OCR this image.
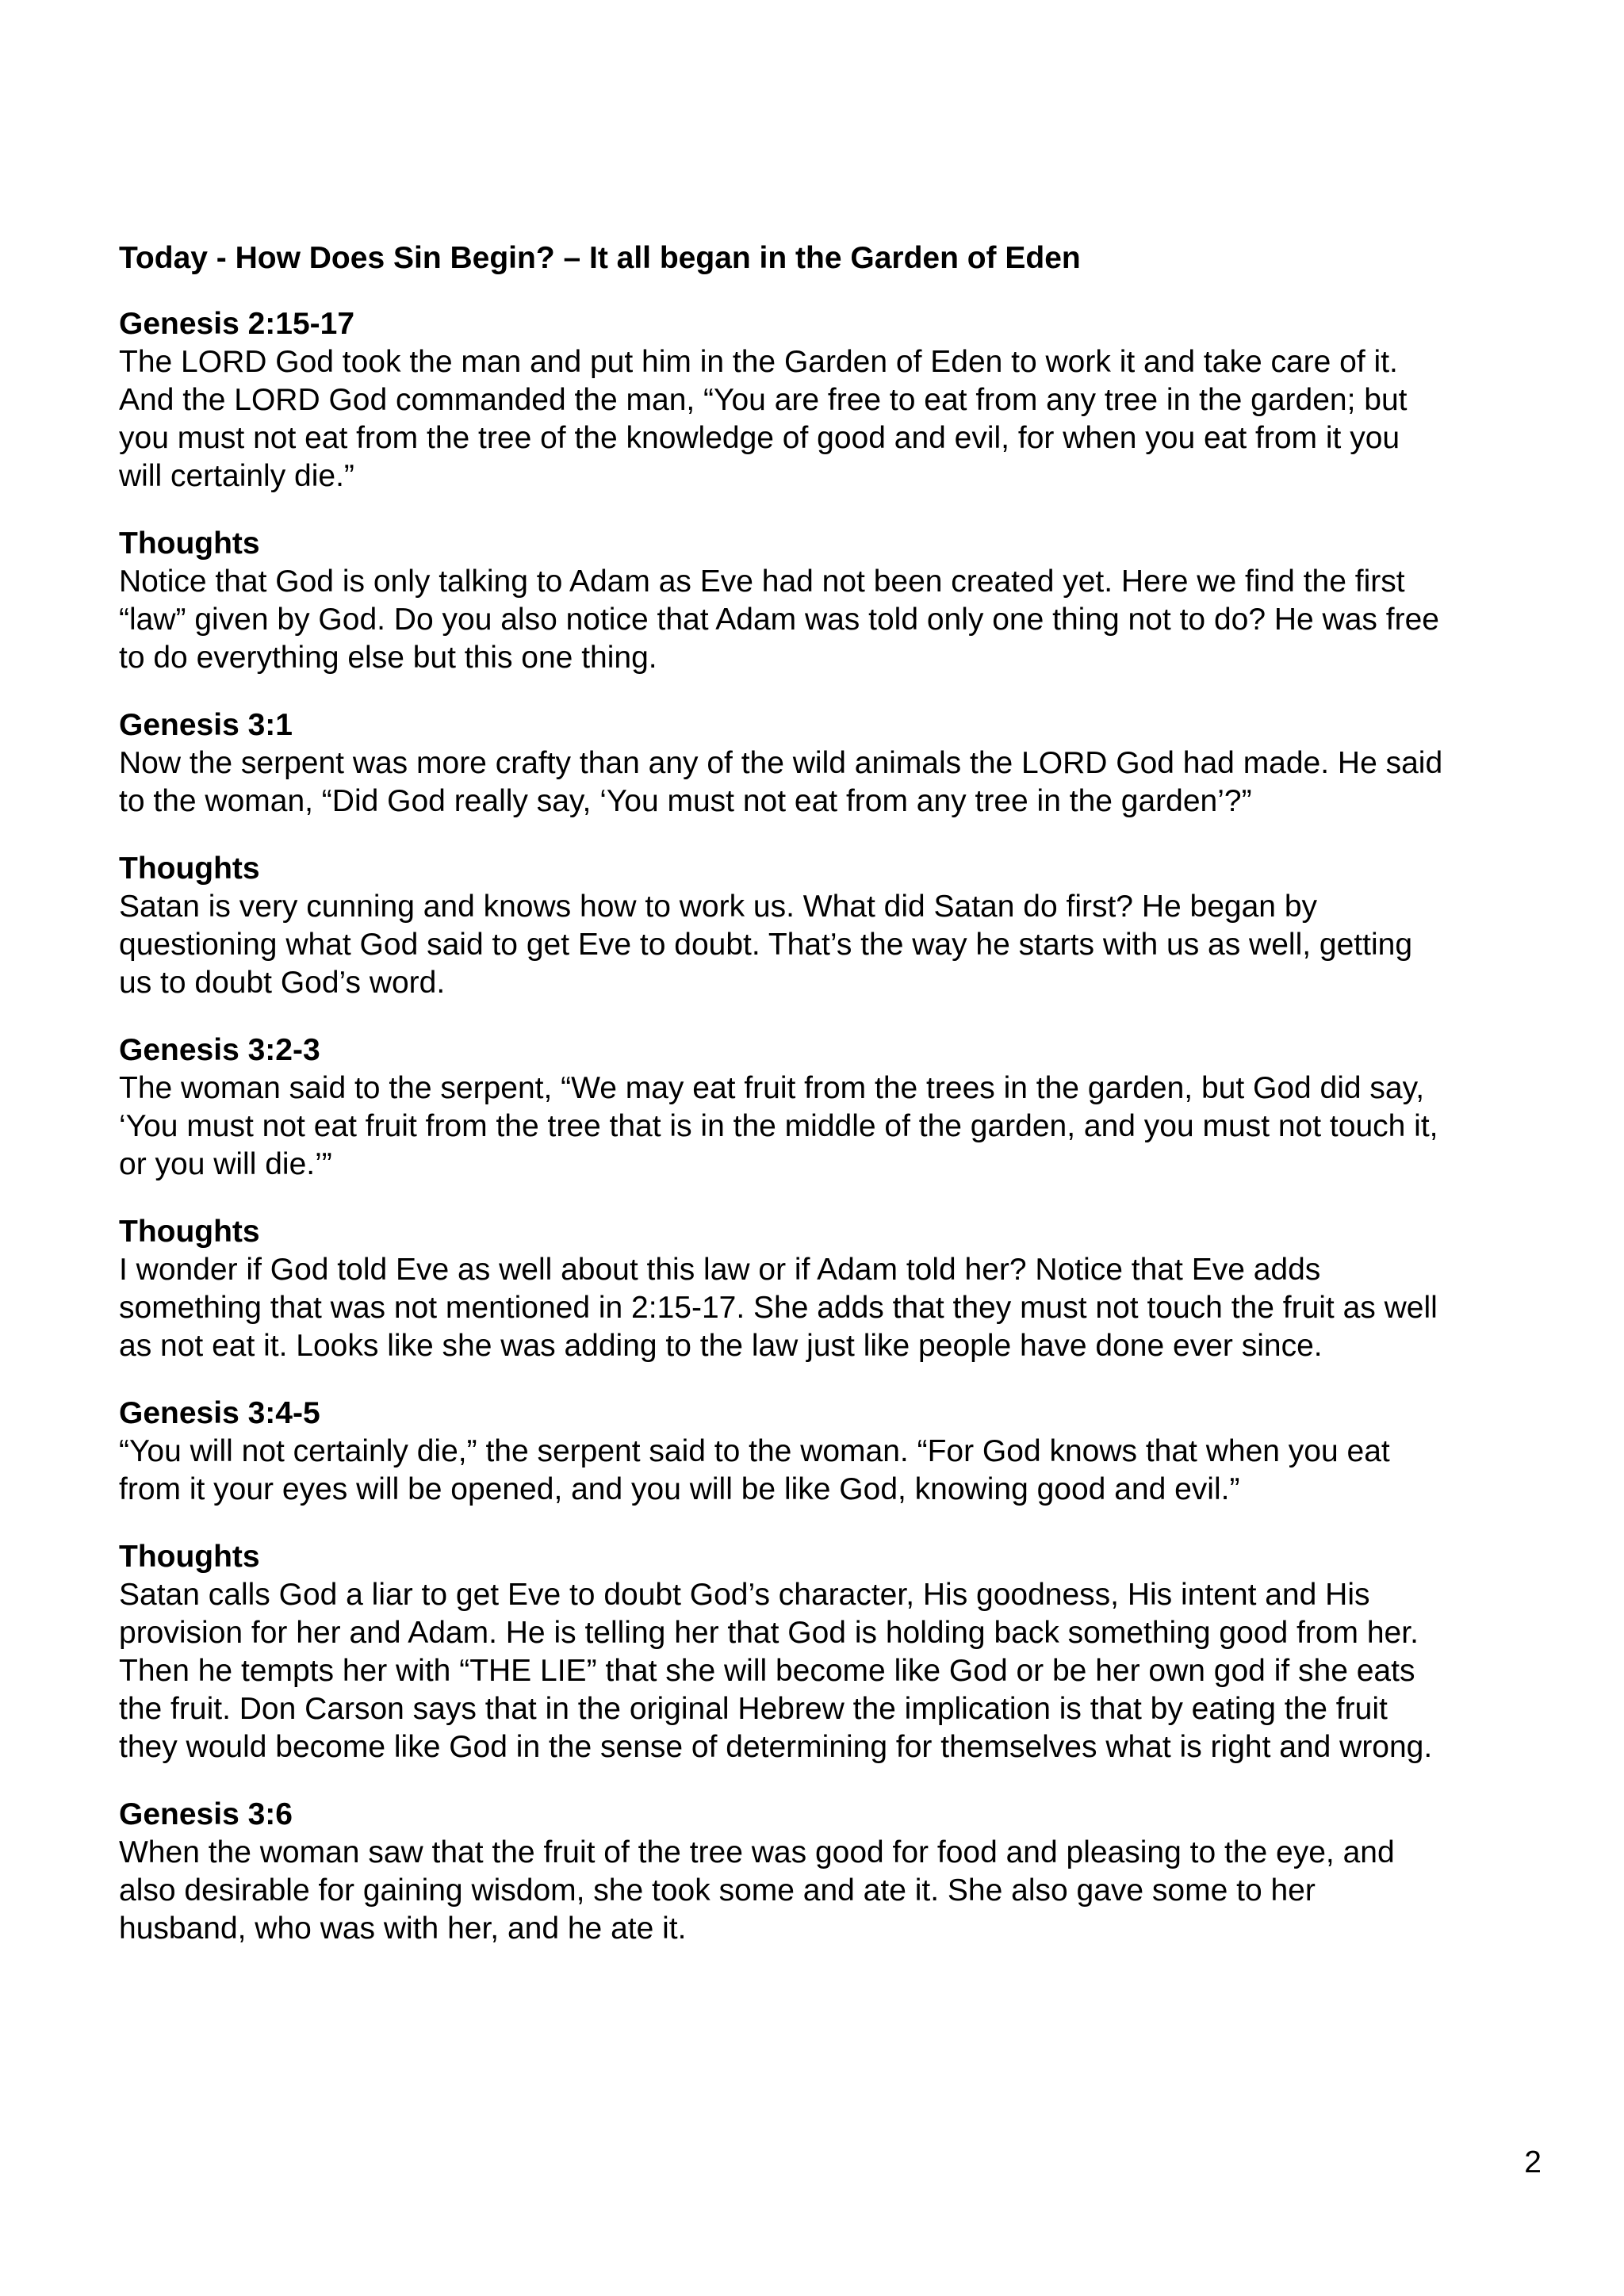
Today - How Does Sin Begin? – It all began in the Garden of Eden
Genesis 2:15-17
The LORD God took the man and put him in the Garden of Eden to work it and take care of it.
And the LORD God commanded the man, “You are free to eat from any tree in the garden; but
you must not eat from the tree of the knowledge of good and evil, for when you eat from it you
will certainly die.”
Thoughts
Notice that God is only talking to Adam as Eve had not been created yet. Here we find the first
“law” given by God. Do you also notice that Adam was told only one thing not to do? He was free
to do everything else but this one thing.
Genesis 3:1
Now the serpent was more crafty than any of the wild animals the LORD God had made. He said
to the woman, “Did God really say, ‘You must not eat from any tree in the garden’?”
Thoughts
Satan is very cunning and knows how to work us. What did Satan do first? He began by
questioning what God said to get Eve to doubt. That’s the way he starts with us as well, getting
us to doubt God’s word.
Genesis 3:2-3
The woman said to the serpent, “We may eat fruit from the trees in the garden, but God did say,
‘You must not eat fruit from the tree that is in the middle of the garden, and you must not touch it,
or you will die.’”
Thoughts
I wonder if God told Eve as well about this law or if Adam told her? Notice that Eve adds
something that was not mentioned in 2:15-17. She adds that they must not touch the fruit as well
as not eat it. Looks like she was adding to the law just like people have done ever since.
Genesis 3:4-5
“You will not certainly die,” the serpent said to the woman. “For God knows that when you eat
from it your eyes will be opened, and you will be like God, knowing good and evil.”
Thoughts
Satan calls God a liar to get Eve to doubt God’s character, His goodness, His intent and His
provision for her and Adam. He is telling her that God is holding back something good from her.
Then he tempts her with “THE LIE” that she will become like God or be her own god if she eats
the fruit. Don Carson says that in the original Hebrew the implication is that by eating the fruit
they would become like God in the sense of determining for themselves what is right and wrong.
Genesis 3:6
When the woman saw that the fruit of the tree was good for food and pleasing to the eye, and
also desirable for gaining wisdom, she took some and ate it. She also gave some to her
husband, who was with her, and he ate it.
2
